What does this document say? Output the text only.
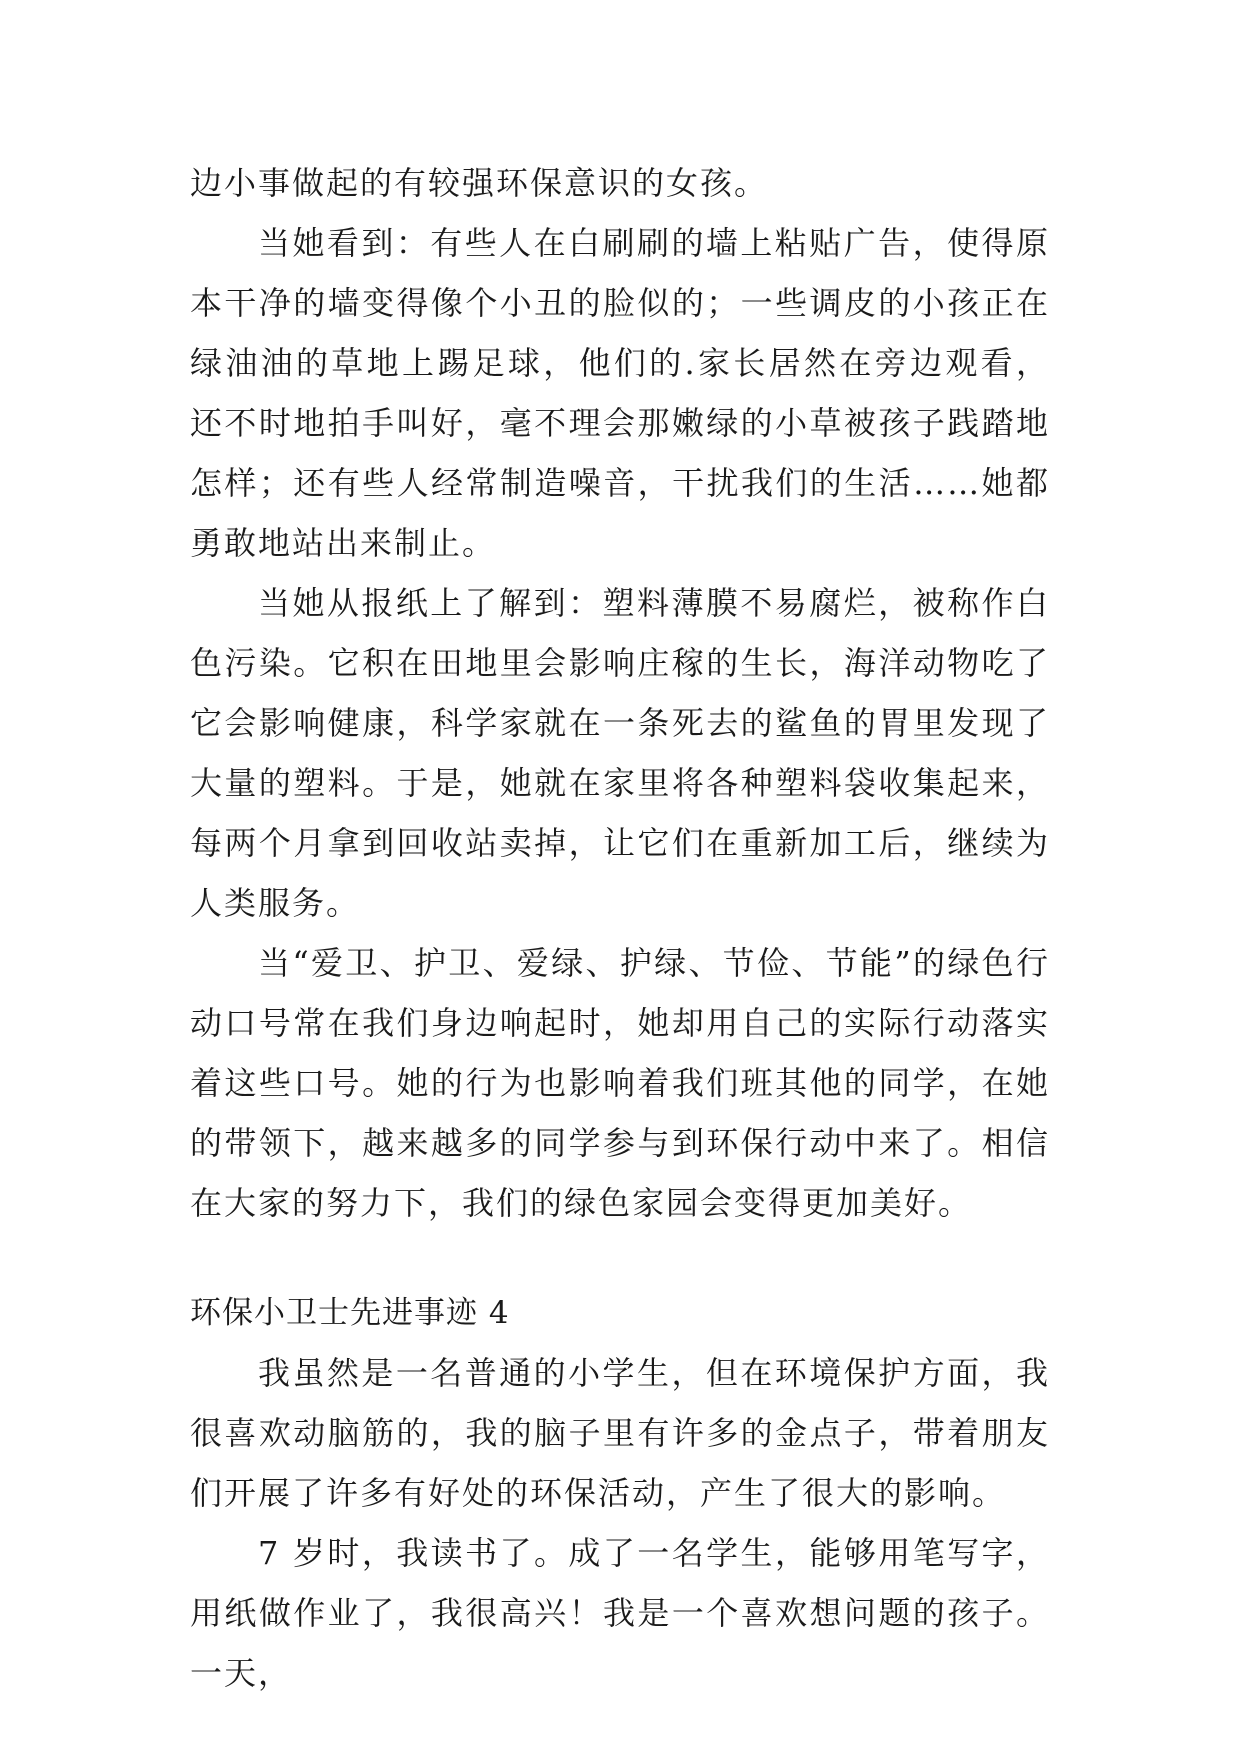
边小事做起的有较强环保意识的女孩。

当她看到：有些人在白刷刷的墙上粘贴广告，使得原本干净的墙变得像个小丑的脸似的；一些调皮的小孩正在绿油油的草地上踢足球，他们的.家长居然在旁边观看，还不时地拍手叫好，毫不理会那嫩绿的小草被孩子践踏地怎样；还有些人经常制造噪音，干扰我们的生活……她都勇敢地站出来制止。

当她从报纸上了解到：塑料薄膜不易腐烂，被称作白色污染。它积在田地里会影响庄稼的生长，海洋动物吃了它会影响健康，科学家就在一条死去的鲨鱼的胃里发现了大量的塑料。于是，她就在家里将各种塑料袋收集起来，每两个月拿到回收站卖掉，让它们在重新加工后，继续为人类服务。

当“爱卫、护卫、爱绿、护绿、节俭、节能”的绿色行动口号常在我们身边响起时，她却用自己的实际行动落实着这些口号。她的行为也影响着我们班其他的同学，在她的带领下，越来越多的同学参与到环保行动中来了。相信在大家的努力下，我们的绿色家园会变得更加美好。

环保小卫士先进事迹 4

我虽然是一名普通的小学生，但在环境保护方面，我很喜欢动脑筋的，我的脑子里有许多的金点子，带着朋友们开展了许多有好处的环保活动，产生了很大的影响。

7 岁时，我读书了。成了一名学生，能够用笔写字，用纸做作业了，我很高兴！我是一个喜欢想问题的孩子。一天，
